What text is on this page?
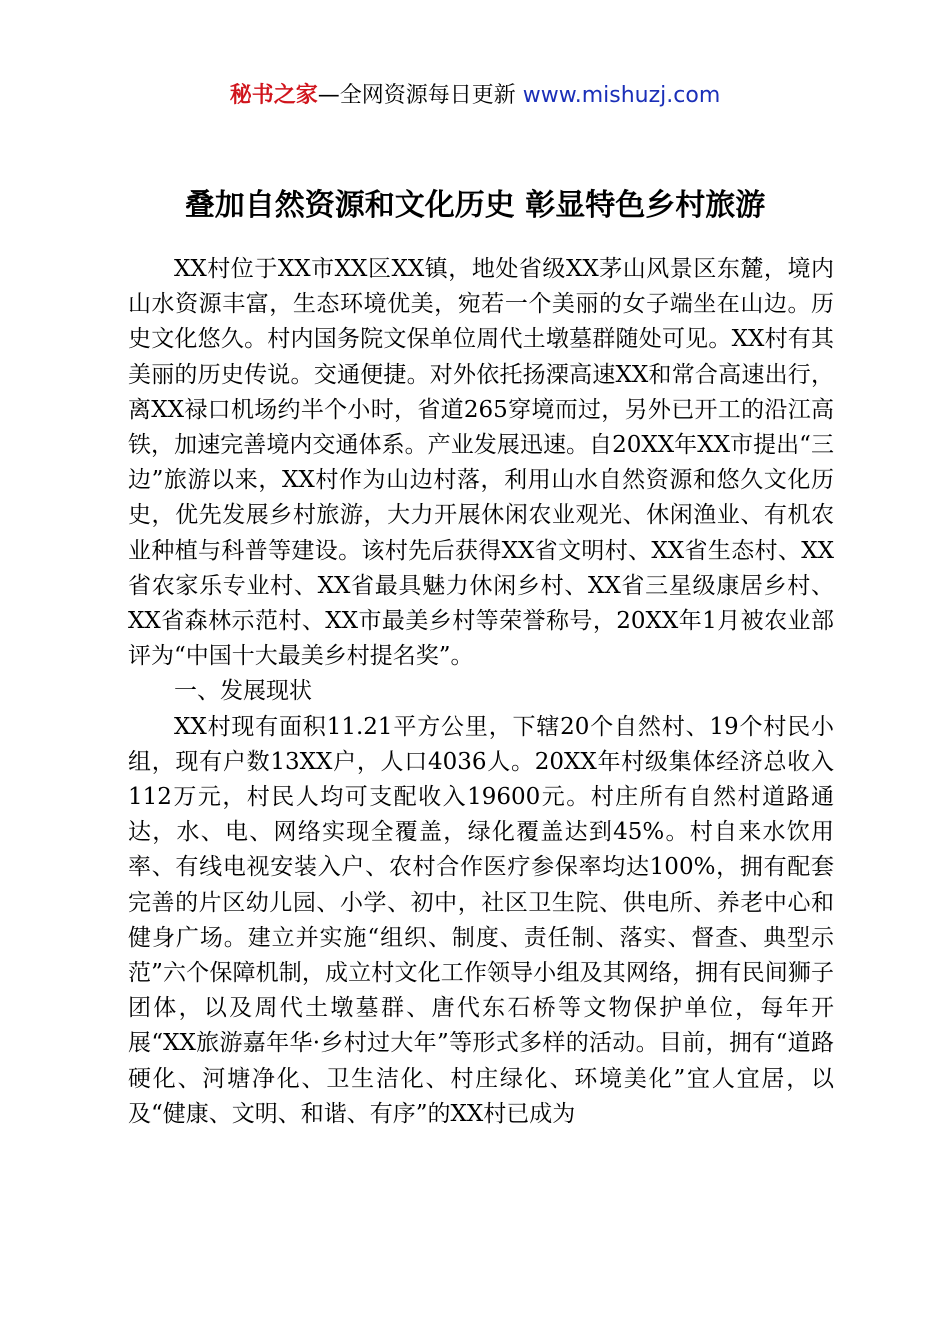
秘书之家—全网资源每日更新 www.mishuzj.com
叠加自然资源和文化历史 彰显特色乡村旅游

XX村位于XX市XX区XX镇，地处省级XX茅山风景区东麓，境内山水资源丰富，生态环境优美，宛若一个美丽的女子端坐在山边。历史文化悠久。村内国务院文保单位周代土墩墓群随处可见。XX村有其美丽的历史传说。交通便捷。对外依托扬溧高速XX和常合高速出行，离XX禄口机场约半个小时，省道265穿境而过，另外已开工的沿江高铁，加速完善境内交通体系。产业发展迅速。自20XX年XX市提出“三边”旅游以来，XX村作为山边村落，利用山水自然资源和悠久文化历史，优先发展乡村旅游，大力开展休闲农业观光、休闲渔业、有机农业种植与科普等建设。该村先后获得XX省文明村、XX省生态村、XX省农家乐专业村、XX省最具魅力休闲乡村、XX省三星级康居乡村、XX省森林示范村、XX市最美乡村等荣誉称号，20XX年1月被农业部评为“中国十大最美乡村提名奖”。

一、发展现状

XX村现有面积11.21平方公里，下辖20个自然村、19个村民小组，现有户数13XX户，人口4036人。20XX年村级集体经济总收入112万元，村民人均可支配收入19600元。村庄所有自然村道路通达，水、电、网络实现全覆盖，绿化覆盖达到45%。村自来水饮用率、有线电视安装入户、农村合作医疗参保率均达100%，拥有配套完善的片区幼儿园、小学、初中，社区卫生院、供电所、养老中心和健身广场。建立并实施“组织、制度、责任制、落实、督查、典型示范”六个保障机制，成立村文化工作领导小组及其网络，拥有民间狮子团体，以及周代土墩墓群、唐代东石桥等文物保护单位，每年开展“XX旅游嘉年华·乡村过大年”等形式多样的活动。目前，拥有“道路硬化、河塘净化、卫生洁化、村庄绿化、环境美化”宜人宜居，以及“健康、文明、和谐、有序”的XX村已成为
